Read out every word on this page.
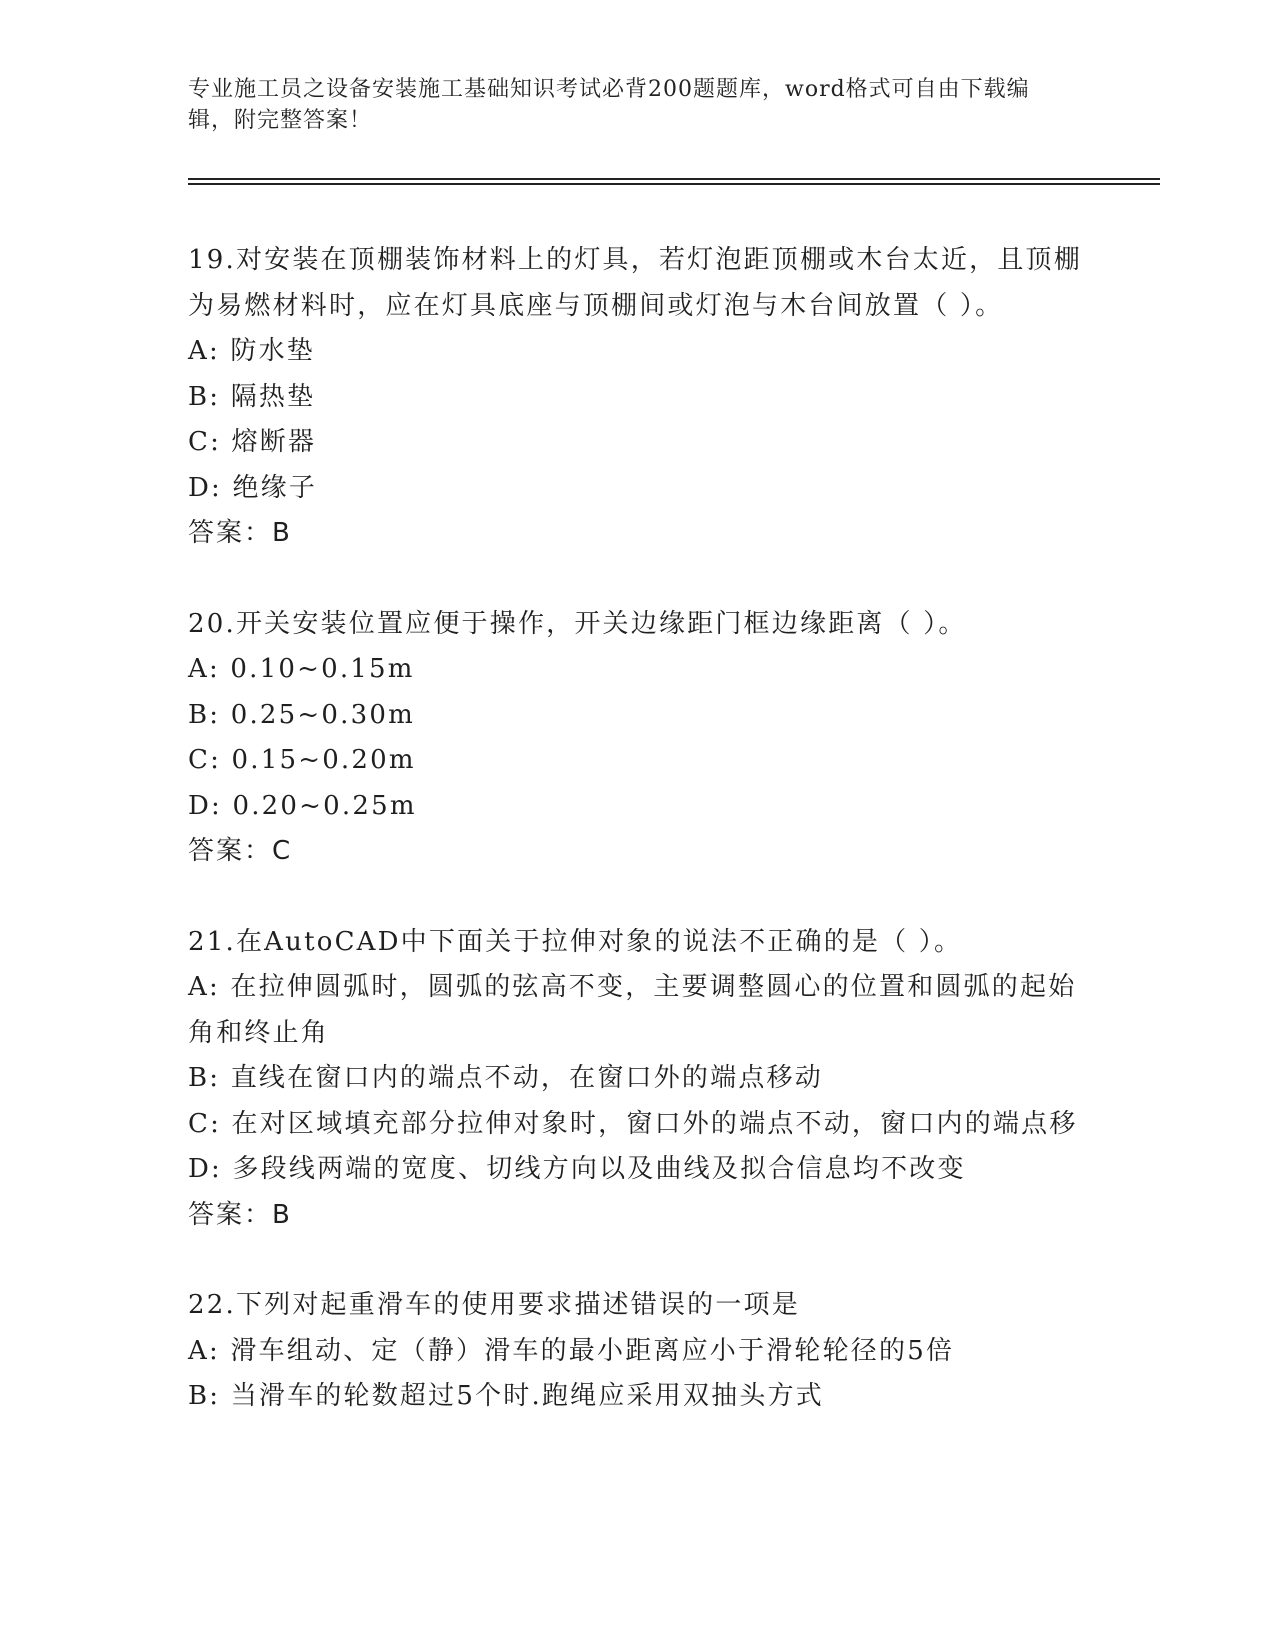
专业施工员之设备安装施工基础知识考试必背200题题库，word格式可自由下载编辑，附完整答案！

19.对安装在顶棚装饰材料上的灯具，若灯泡距顶棚或木台太近，且顶棚为易燃材料时，应在灯具底座与顶棚间或灯泡与木台间放置（ ）。

A: 防水垫

B: 隔热垫

C: 熔断器

D: 绝缘子

答案：B

20.开关安装位置应便于操作，开关边缘距门框边缘距离（ ）。

A: 0.10~0.15m

B: 0.25~0.30m

C: 0.15~0.20m

D: 0.20~0.25m

答案：C

21.在AutoCAD中下面关于拉伸对象的说法不正确的是（ ）。

A: 在拉伸圆弧时，圆弧的弦高不变，主要调整圆心的位置和圆弧的起始角和终止角

B: 直线在窗口内的端点不动，在窗口外的端点移动

C: 在对区域填充部分拉伸对象时，窗口外的端点不动，窗口内的端点移

D: 多段线两端的宽度、切线方向以及曲线及拟合信息均不改变

答案：B

22.下列对起重滑车的使用要求描述错误的一项是

A: 滑车组动、定（静）滑车的最小距离应小于滑轮轮径的5倍

B: 当滑车的轮数超过5个时.跑绳应采用双抽头方式
